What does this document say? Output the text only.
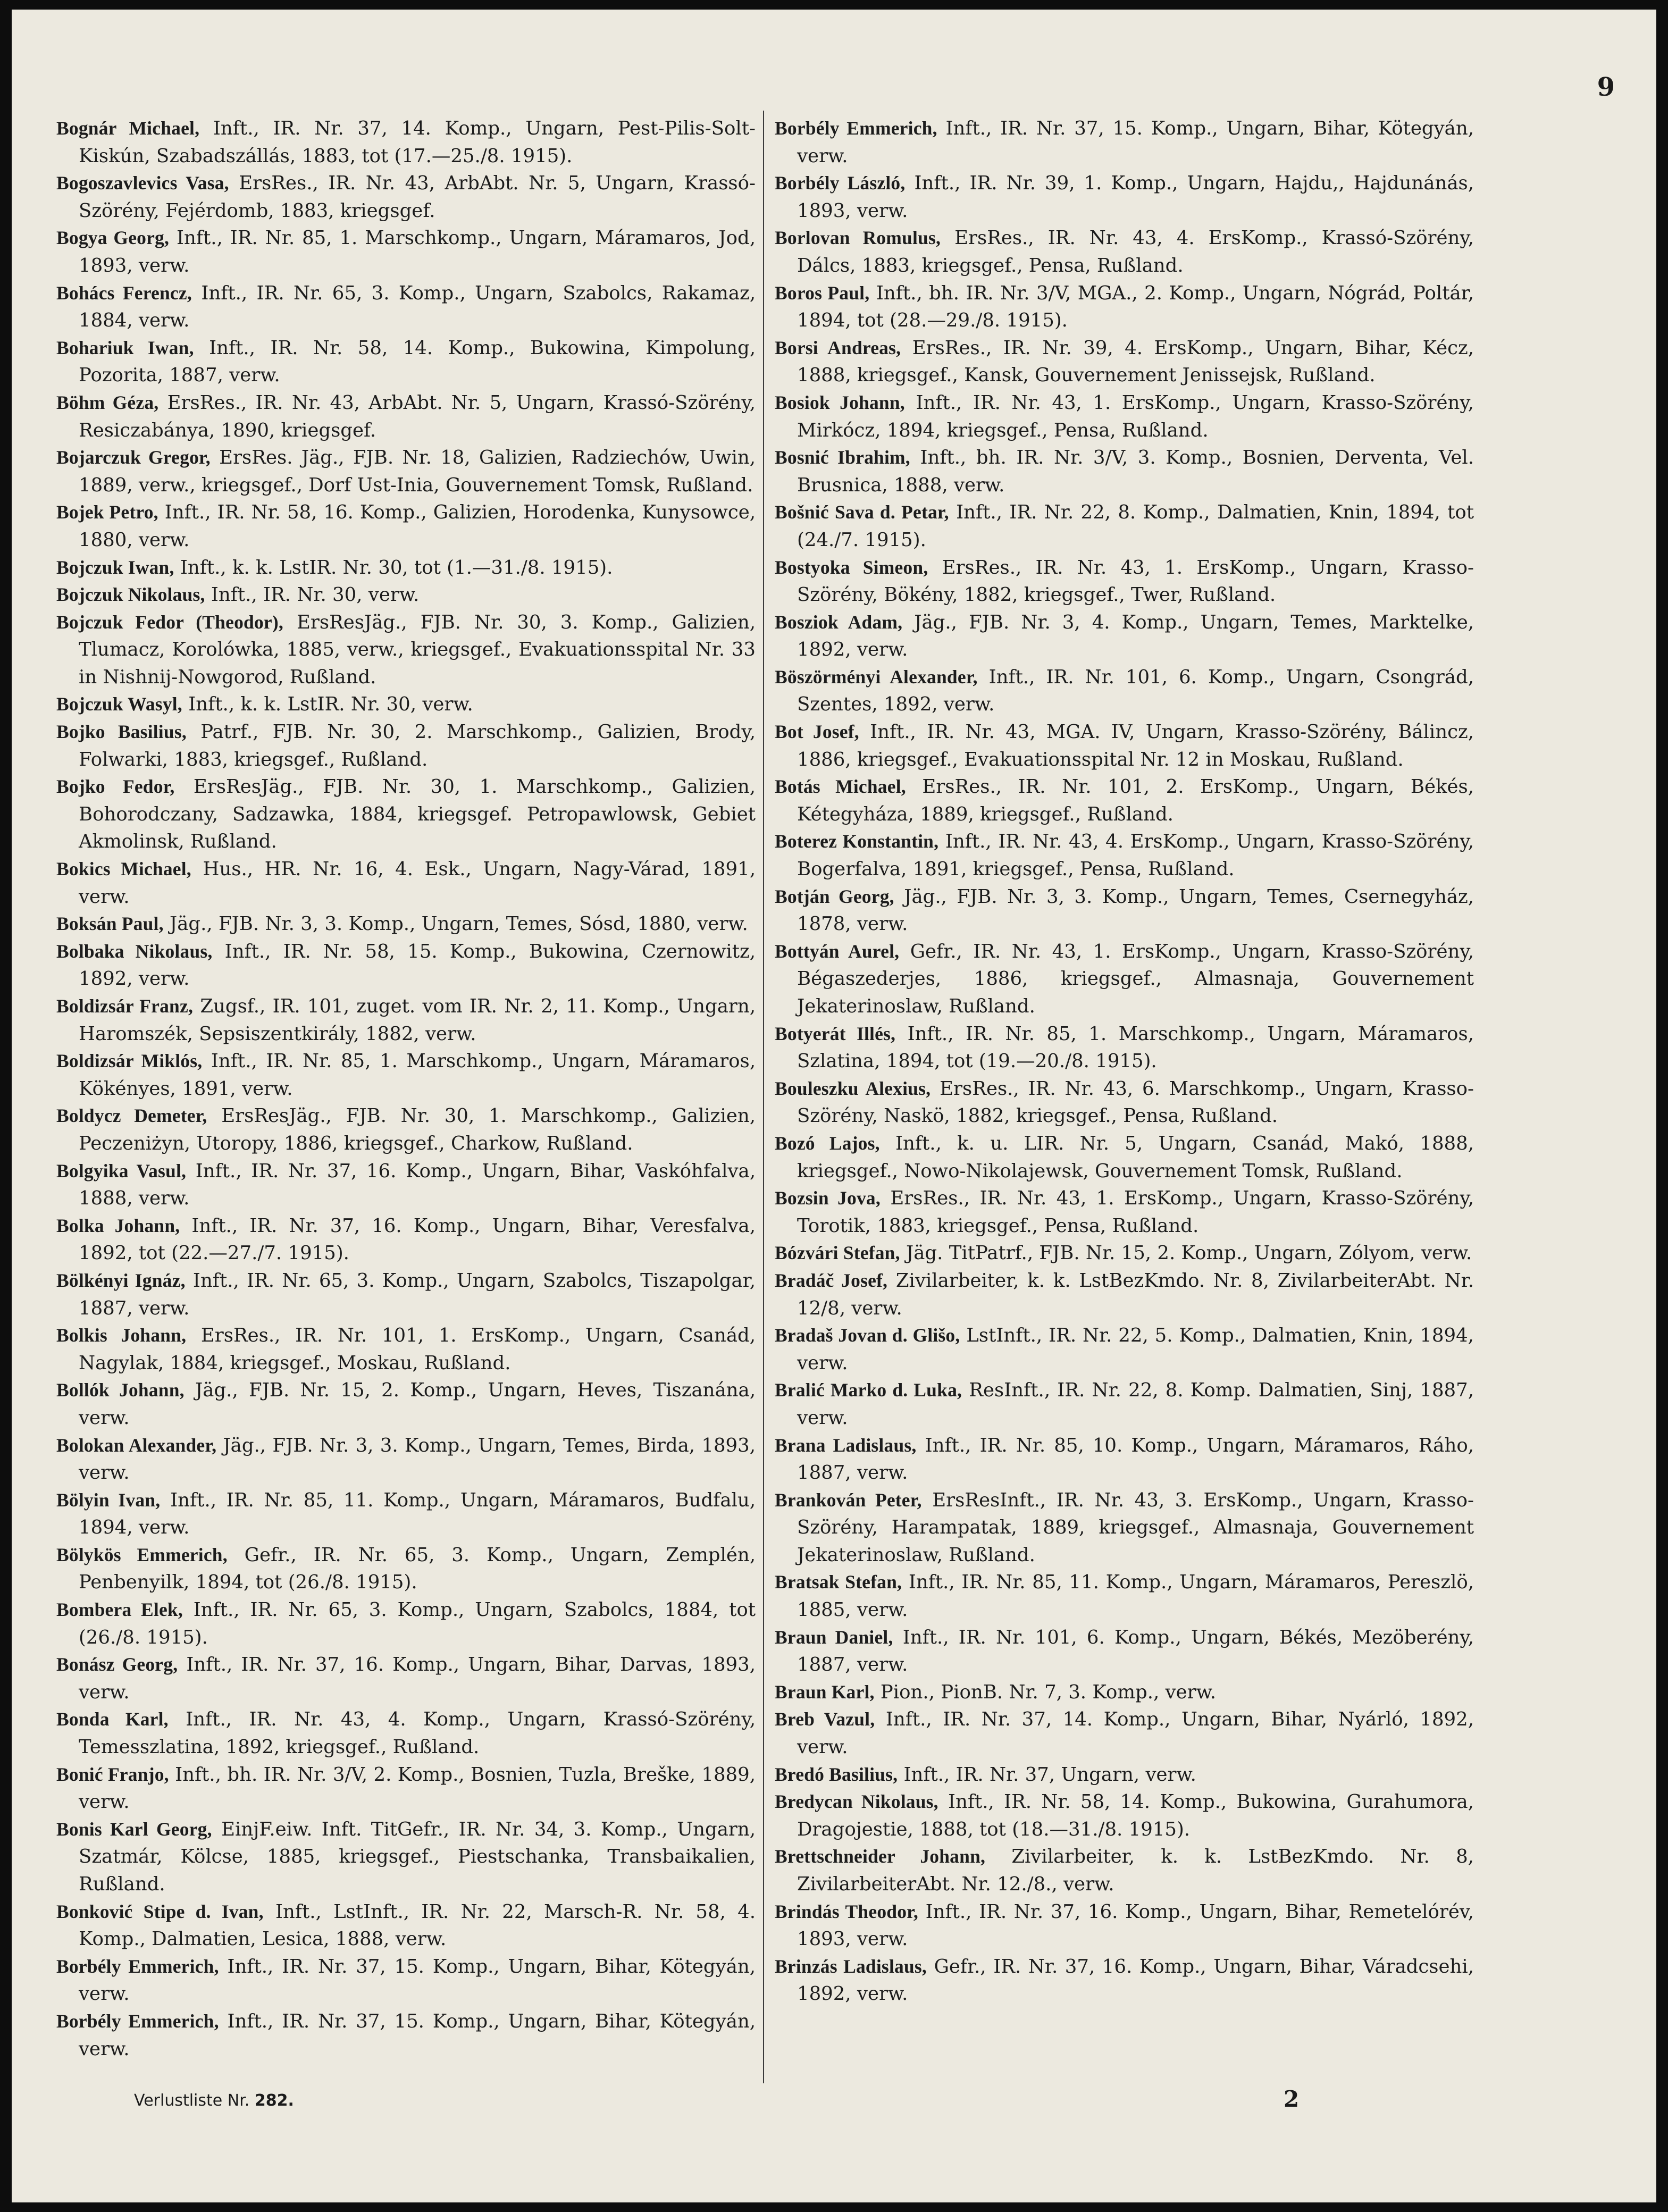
9

Bognár Michael, Inft., IR. Nr. 37, 14. Komp., Ungarn, Pest-Pilis-Solt-Kiskún, Szabadszállás, 1883, tot (17.—25./8. 1915).

Bogoszavlevics Vasa, ErsRes., IR. Nr. 43, ArbAbt. Nr. 5, Ungarn, Krassó-Szörény, Fejérdomb, 1883, kriegsgef.

Bogya Georg, Inft., IR. Nr. 85, 1. Marschkomp., Ungarn, Máramaros, Jod, 1893, verw.

Bohács Ferencz, Inft., IR. Nr. 65, 3. Komp., Ungarn, Szabolcs, Rakamaz, 1884, verw.

Bohariuk Iwan, Inft., IR. Nr. 58, 14. Komp., Bukowina, Kimpolung, Pozorita, 1887, verw.

Böhm Géza, ErsRes., IR. Nr. 43, ArbAbt. Nr. 5, Ungarn, Krassó-Szörény, Resiczabánya, 1890, kriegsgef.

Bojarczuk Gregor, ErsRes. Jäg., FJB. Nr. 18, Galizien, Radziechów, Uwin, 1889, verw., kriegsgef., Dorf Ust-Inia, Gouvernement Tomsk, Rußland.

Bojek Petro, Inft., IR. Nr. 58, 16. Komp., Galizien, Horodenka, Kunysowce, 1880, verw.

Bojczuk Iwan, Inft., k. k. LstIR. Nr. 30, tot (1.—31./8. 1915).

Bojczuk Nikolaus, Inft., IR. Nr. 30, verw.

Bojczuk Fedor (Theodor), ErsResJäg., FJB. Nr. 30, 3. Komp., Galizien, Tlumacz, Korolówka, 1885, verw., kriegsgef., Evakuationsspital Nr. 33 in Nishnij-Nowgorod, Rußland.

Bojczuk Wasyl, Inft., k. k. LstIR. Nr. 30, verw.

Bojko Basilius, Patrf., FJB. Nr. 30, 2. Marschkomp., Galizien, Brody, Folwarki, 1883, kriegsgef., Rußland.

Bojko Fedor, ErsResJäg., FJB. Nr. 30, 1. Marschkomp., Galizien, Bohorodczany, Sadzawka, 1884, kriegsgef. Petropawlowsk, Gebiet Akmolinsk, Rußland.

Bokics Michael, Hus., HR. Nr. 16, 4. Esk., Ungarn, Nagy-Várad, 1891, verw.

Boksán Paul, Jäg., FJB. Nr. 3, 3. Komp., Ungarn, Temes, Sósd, 1880, verw.

Bolbaka Nikolaus, Inft., IR. Nr. 58, 15. Komp., Bukowina, Czernowitz, 1892, verw.

Boldizsár Franz, Zugsf., IR. 101, zuget. vom IR. Nr. 2, 11. Komp., Ungarn, Haromszék, Sepsiszentkirály, 1882, verw.

Boldizsár Miklós, Inft., IR. Nr. 85, 1. Marschkomp., Ungarn, Máramaros, Kökényes, 1891, verw.

Boldycz Demeter, ErsResJäg., FJB. Nr. 30, 1. Marschkomp., Galizien, Peczeniżyn, Utoropy, 1886, kriegsgef., Charkow, Rußland.

Bolgyika Vasul, Inft., IR. Nr. 37, 16. Komp., Ungarn, Bihar, Vaskóhfalva, 1888, verw.

Bolka Johann, Inft., IR. Nr. 37, 16. Komp., Ungarn, Bihar, Veresfalva, 1892, tot (22.—27./7. 1915).

Bölkényi Ignáz, Inft., IR. Nr. 65, 3. Komp., Ungarn, Szabolcs, Tiszapolgar, 1887, verw.

Bolkis Johann, ErsRes., IR. Nr. 101, 1. ErsKomp., Ungarn, Csanád, Nagylak, 1884, kriegsgef., Moskau, Rußland.

Bollók Johann, Jäg., FJB. Nr. 15, 2. Komp., Ungarn, Heves, Tiszanána, verw.

Bolokan Alexander, Jäg., FJB. Nr. 3, 3. Komp., Ungarn, Temes, Birda, 1893, verw.

Bölyin Ivan, Inft., IR. Nr. 85, 11. Komp., Ungarn, Máramaros, Budfalu, 1894, verw.

Bölykös Emmerich, Gefr., IR. Nr. 65, 3. Komp., Ungarn, Zemplén, Penbenyilk, 1894, tot (26./8. 1915).

Bombera Elek, Inft., IR. Nr. 65, 3. Komp., Ungarn, Szabolcs, 1884, tot (26./8. 1915).

Bonász Georg, Inft., IR. Nr. 37, 16. Komp., Ungarn, Bihar, Darvas, 1893, verw.

Bonda Karl, Inft., IR. Nr. 43, 4. Komp., Ungarn, Krassó-Szörény, Temesszlatina, 1892, kriegsgef., Rußland.

Bonić Franjo, Inft., bh. IR. Nr. 3/V, 2. Komp., Bosnien, Tuzla, Breške, 1889, verw.

Bonis Karl Georg, EinjF.eiw. Inft. TitGefr., IR. Nr. 34, 3. Komp., Ungarn, Szatmár, Kölcse, 1885, kriegsgef., Piestschanka, Transbaikalien, Rußland.

Bonković Stipe d. Ivan, Inft., LstInft., IR. Nr. 22, Marsch-R. Nr. 58, 4. Komp., Dalmatien, Lesica, 1888, verw.

Borbély Emmerich, Inft., IR. Nr. 37, 15. Komp., Ungarn, Bihar, Kötegyán, verw.

Borbély Emmerich, Inft., IR. Nr. 37, 15. Komp., Ungarn, Bihar, Kötegyán, verw.

Borbély Emmerich, Inft., IR. Nr. 37, 15. Komp., Ungarn, Bihar, Kötegyán, verw.

Borbély László, Inft., IR. Nr. 39, 1. Komp., Ungarn, Hajdu,, Hajdunánás, 1893, verw.

Borlovan Romulus, ErsRes., IR. Nr. 43, 4. ErsKomp., Krassó-Szörény, Dálcs, 1883, kriegsgef., Pensa, Rußland.

Boros Paul, Inft., bh. IR. Nr. 3/V, MGA., 2. Komp., Ungarn, Nógrád, Poltár, 1894, tot (28.—29./8. 1915).

Borsi Andreas, ErsRes., IR. Nr. 39, 4. ErsKomp., Ungarn, Bihar, Kécz, 1888, kriegsgef., Kansk, Gouvernement Jenissejsk, Rußland.

Bosiok Johann, Inft., IR. Nr. 43, 1. ErsKomp., Ungarn, Krasso-Szörény, Mirkócz, 1894, kriegsgef., Pensa, Rußland.

Bosnić Ibrahim, Inft., bh. IR. Nr. 3/V, 3. Komp., Bosnien, Derventa, Vel. Brusnica, 1888, verw.

Bošnić Sava d. Petar, Inft., IR. Nr. 22, 8. Komp., Dalmatien, Knin, 1894, tot (24./7. 1915).

Bostyoka Simeon, ErsRes., IR. Nr. 43, 1. ErsKomp., Ungarn, Krasso-Szörény, Bökény, 1882, kriegsgef., Twer, Rußland.

Bosziok Adam, Jäg., FJB. Nr. 3, 4. Komp., Ungarn, Temes, Marktelke, 1892, verw.

Böszörményi Alexander, Inft., IR. Nr. 101, 6. Komp., Ungarn, Csongrád, Szentes, 1892, verw.

Bot Josef, Inft., IR. Nr. 43, MGA. IV, Ungarn, Krasso-Szörény, Bálincz, 1886, kriegsgef., Evakuationsspital Nr. 12 in Moskau, Rußland.

Botás Michael, ErsRes., IR. Nr. 101, 2. ErsKomp., Ungarn, Békés, Kétegyháza, 1889, kriegsgef., Rußland.

Boterez Konstantin, Inft., IR. Nr. 43, 4. ErsKomp., Ungarn, Krasso-Szörény, Bogerfalva, 1891, kriegsgef., Pensa, Rußland.

Botján Georg, Jäg., FJB. Nr. 3, 3. Komp., Ungarn, Temes, Csernegyház, 1878, verw.

Bottyán Aurel, Gefr., IR. Nr. 43, 1. ErsKomp., Ungarn, Krasso-Szörény, Bégaszederjes, 1886, kriegsgef., Almasnaja, Gouvernement Jekaterinoslaw, Rußland.

Botyerát Illés, Inft., IR. Nr. 85, 1. Marschkomp., Ungarn, Máramaros, Szlatina, 1894, tot (19.—20./8. 1915).

Bouleszku Alexius, ErsRes., IR. Nr. 43, 6. Marschkomp., Ungarn, Krasso-Szörény, Naskö, 1882, kriegsgef., Pensa, Rußland.

Bozó Lajos, Inft., k. u. LIR. Nr. 5, Ungarn, Csanád, Makó, 1888, kriegsgef., Nowo-Nikolajewsk, Gouvernement Tomsk, Rußland.

Bozsin Jova, ErsRes., IR. Nr. 43, 1. ErsKomp., Ungarn, Krasso-Szörény, Torotik, 1883, kriegsgef., Pensa, Rußland.

Bózvári Stefan, Jäg. TitPatrf., FJB. Nr. 15, 2. Komp., Ungarn, Zólyom, verw.

Bradáč Josef, Zivilarbeiter, k. k. LstBezKmdo. Nr. 8, ZivilarbeiterAbt. Nr. 12/8, verw.

Bradaš Jovan d. Glišo, LstInft., IR. Nr. 22, 5. Komp., Dalmatien, Knin, 1894, verw.

Bralić Marko d. Luka, ResInft., IR. Nr. 22, 8. Komp. Dalmatien, Sinj, 1887, verw.

Brana Ladislaus, Inft., IR. Nr. 85, 10. Komp., Ungarn, Máramaros, Ráho, 1887, verw.

Brankován Peter, ErsResInft., IR. Nr. 43, 3. ErsKomp., Ungarn, Krasso-Szörény, Harampatak, 1889, kriegsgef., Almasnaja, Gouvernement Jekaterinoslaw, Rußland.

Bratsak Stefan, Inft., IR. Nr. 85, 11. Komp., Ungarn, Máramaros, Pereszlö, 1885, verw.

Braun Daniel, Inft., IR. Nr. 101, 6. Komp., Ungarn, Békés, Mezöberény, 1887, verw.

Braun Karl, Pion., PionB. Nr. 7, 3. Komp., verw.

Breb Vazul, Inft., IR. Nr. 37, 14. Komp., Ungarn, Bihar, Nyárló, 1892, verw.

Bredó Basilius, Inft., IR. Nr. 37, Ungarn, verw.

Bredycan Nikolaus, Inft., IR. Nr. 58, 14. Komp., Bukowina, Gurahumora, Dragojestie, 1888, tot (18.—31./8. 1915).

Brettschneider Johann, Zivilarbeiter, k. k. LstBezKmdo. Nr. 8, ZivilarbeiterAbt. Nr. 12./8., verw.

Brindás Theodor, Inft., IR. Nr. 37, 16. Komp., Ungarn, Bihar, Remetelórév, 1893, verw.

Brinzás Ladislaus, Gefr., IR. Nr. 37, 16. Komp., Ungarn, Bihar, Váradcsehi, 1892, verw.

Verlustliste Nr. 282.	2
